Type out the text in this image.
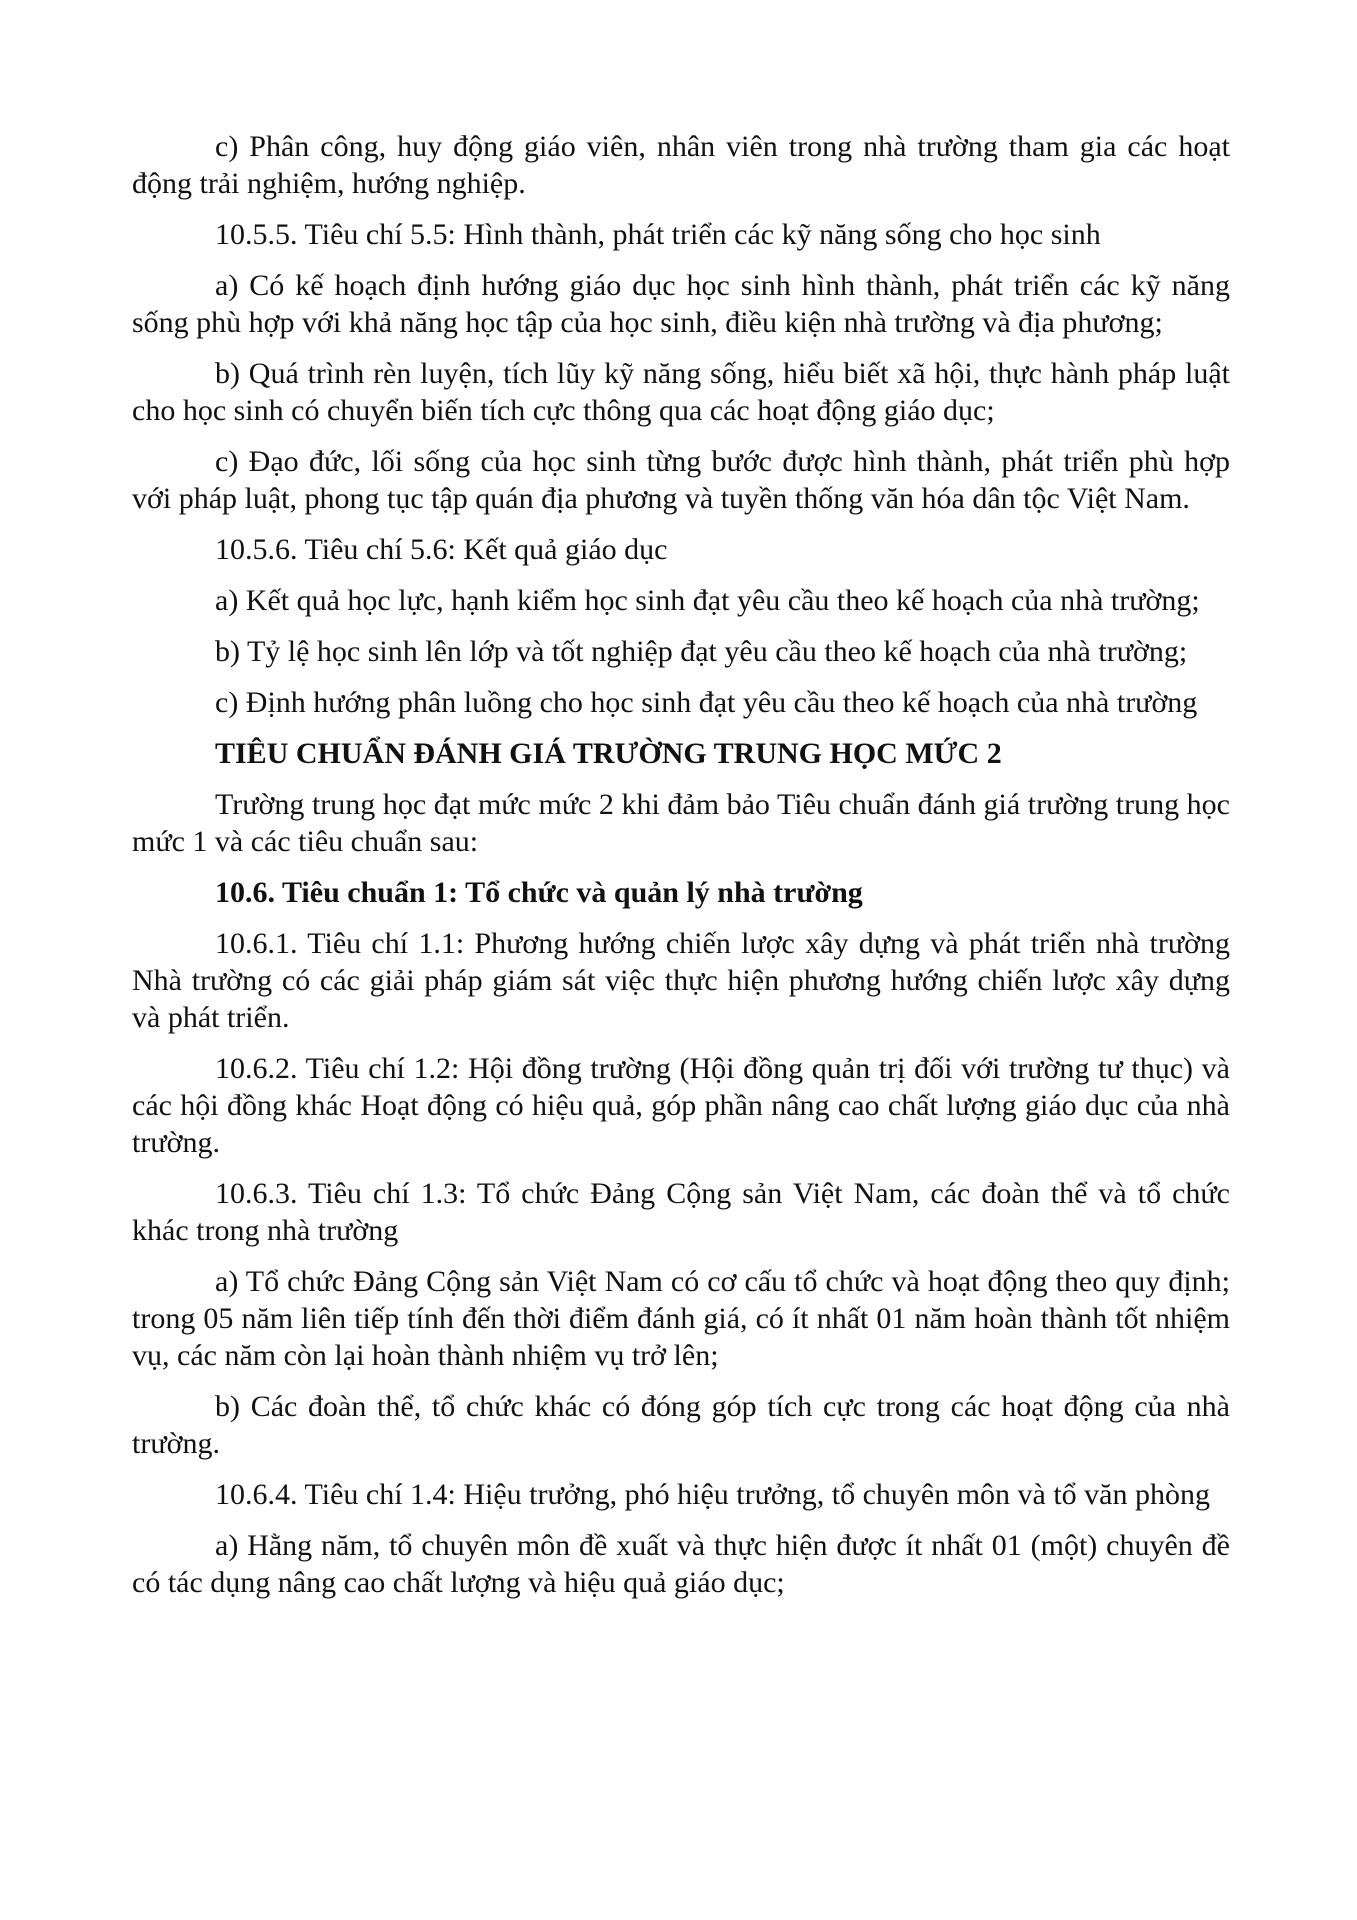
c) Phân công, huy động giáo viên, nhân viên trong nhà trường tham gia các hoạt động trải nghiệm, hướng nghiệp.

10.5.5. Tiêu chí 5.5: Hình thành, phát triển các kỹ năng sống cho học sinh

a) Có kế hoạch định hướng giáo dục học sinh hình thành, phát triển các kỹ năng sống phù hợp với khả năng học tập của học sinh, điều kiện nhà trường và địa phương;

b) Quá trình rèn luyện, tích lũy kỹ năng sống, hiểu biết xã hội, thực hành pháp luật cho học sinh có chuyển biến tích cực thông qua các hoạt động giáo dục;

c) Đạo đức, lối sống của học sinh từng bước được hình thành, phát triển phù hợp với pháp luật, phong tục tập quán địa phương và tuyền thống văn hóa dân tộc Việt Nam.

10.5.6. Tiêu chí 5.6: Kết quả giáo dục

a) Kết quả học lực, hạnh kiểm học sinh đạt yêu cầu theo kế hoạch của nhà trường;

b) Tỷ lệ học sinh lên lớp và tốt nghiệp đạt yêu cầu theo kế hoạch của nhà trường;

c) Định hướng phân luồng cho học sinh đạt yêu cầu theo kế hoạch của nhà trường

TIÊU CHUẨN ĐÁNH GIÁ TRƯỜNG TRUNG HỌC MỨC 2

Trường trung học đạt mức mức 2 khi đảm bảo Tiêu chuẩn đánh giá trường trung học mức 1 và các tiêu chuẩn sau:

10.6. Tiêu chuẩn 1: Tổ chức và quản lý nhà trường

10.6.1. Tiêu chí 1.1: Phương hướng chiến lược xây dựng và phát triển nhà trường Nhà trường có các giải pháp giám sát việc thực hiện phương hướng chiến lược xây dựng và phát triển.

10.6.2. Tiêu chí 1.2: Hội đồng trường (Hội đồng quản trị đối với trường tư thục) và các hội đồng khác Hoạt động có hiệu quả, góp phần nâng cao chất lượng giáo dục của nhà trường.

10.6.3. Tiêu chí 1.3: Tổ chức Đảng Cộng sản Việt Nam, các đoàn thể và tổ chức khác trong nhà trường

a) Tổ chức Đảng Cộng sản Việt Nam có cơ cấu tổ chức và hoạt động theo quy định; trong 05 năm liên tiếp tính đến thời điểm đánh giá, có ít nhất 01 năm hoàn thành tốt nhiệm vụ, các năm còn lại hoàn thành nhiệm vụ trở lên;

b) Các đoàn thể, tổ chức khác có đóng góp tích cực trong các hoạt động của nhà trường.

10.6.4. Tiêu chí 1.4: Hiệu trưởng, phó hiệu trưởng, tổ chuyên môn và tổ văn phòng

a) Hằng năm, tổ chuyên môn đề xuất và thực hiện được ít nhất 01 (một) chuyên đề có tác dụng nâng cao chất lượng và hiệu quả giáo dục;
